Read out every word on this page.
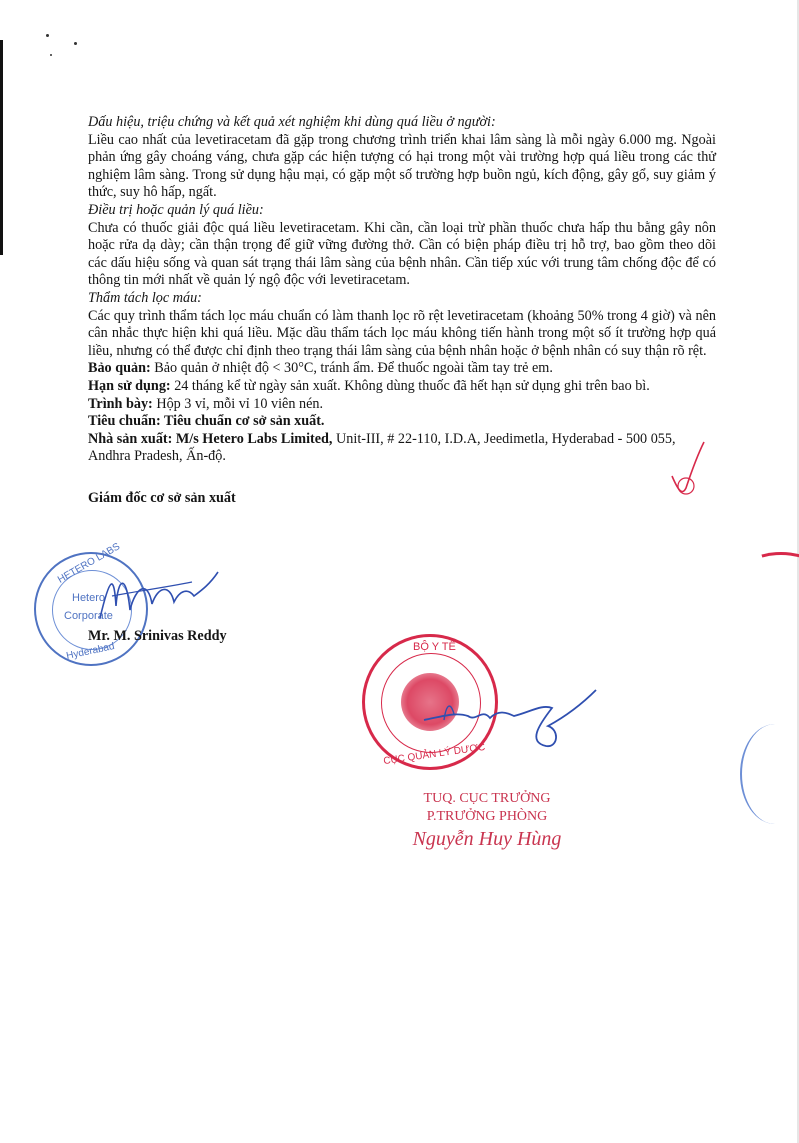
Dấu hiệu, triệu chứng và kết quả xét nghiệm khi dùng quá liều ở người:

Liều cao nhất của levetiracetam đã gặp trong chương trình triển khai lâm sàng là mỗi ngày 6.000 mg. Ngoài phản ứng gây choáng váng, chưa gặp các hiện tượng có hại trong một vài trường hợp quá liều trong các thử nghiệm lâm sàng. Trong sử dụng hậu mại, có gặp một số trường hợp buồn ngủ, kích động, gây gổ, suy giảm ý thức, suy hô hấp, ngất.

Điều trị hoặc quản lý quá liều:

Chưa có thuốc giải độc quá liều levetiracetam. Khi cần, cần loại trừ phần thuốc chưa hấp thu bằng gây nôn hoặc rửa dạ dày; cần thận trọng để giữ vững đường thở. Cần có biện pháp điều trị hỗ trợ, bao gồm theo dõi các dấu hiệu sống và quan sát trạng thái lâm sàng của bệnh nhân. Cần tiếp xúc với trung tâm chống độc để có thông tin mới nhất về quản lý ngộ độc với levetiracetam.

Thẩm tách lọc máu:

Các quy trình thẩm tách lọc máu chuẩn có làm thanh lọc rõ rệt levetiracetam (khoảng 50% trong 4 giờ) và nên cân nhắc thực hiện khi quá liều. Mặc dầu thẩm tách lọc máu không tiến hành trong một số ít trường hợp quá liều, nhưng có thể được chỉ định theo trạng thái lâm sàng của bệnh nhân hoặc ở bệnh nhân có suy thận rõ rệt.

Bảo quản: Bảo quản ở nhiệt độ < 30°C, tránh ẩm. Để thuốc ngoài tầm tay trẻ em.

Hạn sử dụng: 24 tháng kể từ ngày sản xuất. Không dùng thuốc đã hết hạn sử dụng ghi trên bao bì.

Trình bày: Hộp 3 vỉ, mỗi vỉ 10 viên nén.

Tiêu chuẩn: Tiêu chuẩn cơ sở sản xuất.

Nhà sản xuất: M/s Hetero Labs Limited, Unit-III, # 22-110, I.D.A, Jeedimetla, Hyderabad - 500 055, Andhra Pradesh, Ấn-độ.

Giám đốc cơ sở sản xuất

HETERO LABS
Hetero
Corporate
Hyderabad
Mr. M. Srinivas Reddy
BỘ Y TẾ
CỤC QUẢN LÝ DƯỢC
TUQ. CỤC TRƯỞNG
P.TRƯỞNG PHÒNG
Nguyễn Huy Hùng
